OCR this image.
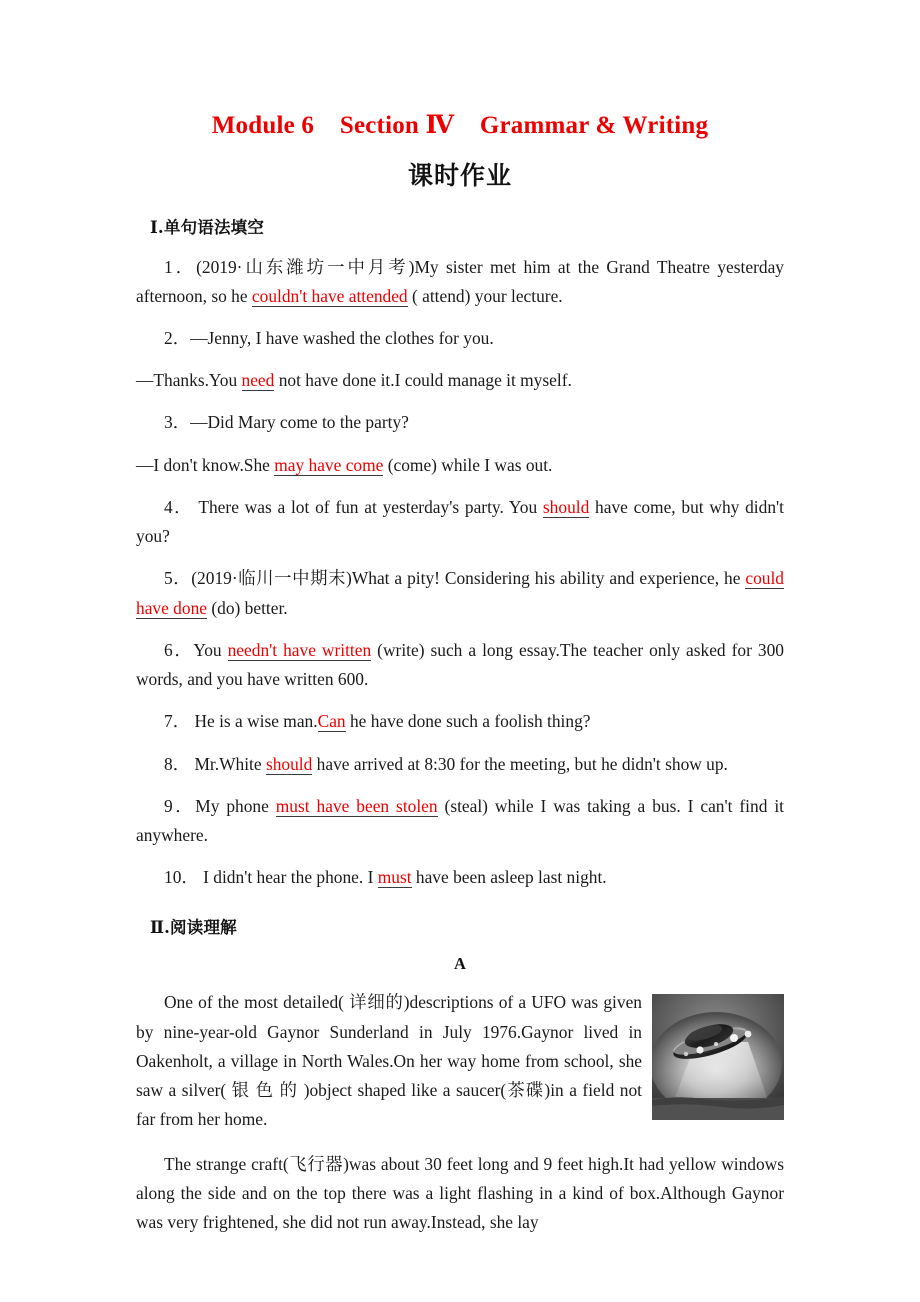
Module 6    Section Ⅳ    Grammar & Writing
课时作业
Ⅰ.单句语法填空

1．(2019·山东潍坊一中月考)My sister met him at the Grand Theatre yesterday afternoon, so he couldn't have attended ( attend) your lecture.

2．—Jenny, I have washed the clothes for you.

—Thanks.You need not have done it.I could manage it myself.

3．—Did Mary come to the party?

—I don't know.She may have come (come) while I was out.

4． There was a lot of fun at yesterday's party. You should have come, but why didn't you?

5．(2019·临川一中期末)What a pity! Considering his ability and experience, he could have done (do) better.

6．You needn't have written (write) such a long essay.The teacher only asked for 300 words, and you have written 600.

7． He is a wise man.Can he have done such a foolish thing?

8． Mr.White should have arrived at 8:30 for the meeting, but he didn't show up.

9．My phone must have been stolen (steal) while I was taking a bus. I can't find it anywhere.

10． I didn't hear the phone. I must have been asleep last night.

Ⅱ.阅读理解
A

One of the most detailed( 详细的)descriptions of a UFO was given by nine-year-old Gaynor Sunderland in July 1976.Gaynor lived in Oakenholt, a village in North Wales.On her way home from school, she saw a silver( 银 色 的 )object shaped like a saucer(茶碟)in a field not far from her home.

The strange craft(飞行器)was about 30 feet long and 9 feet high.It had yellow windows along the side and on the top there was a light flashing in a kind of box.Although Gaynor was very frightened, she did not run away.Instead, she lay
